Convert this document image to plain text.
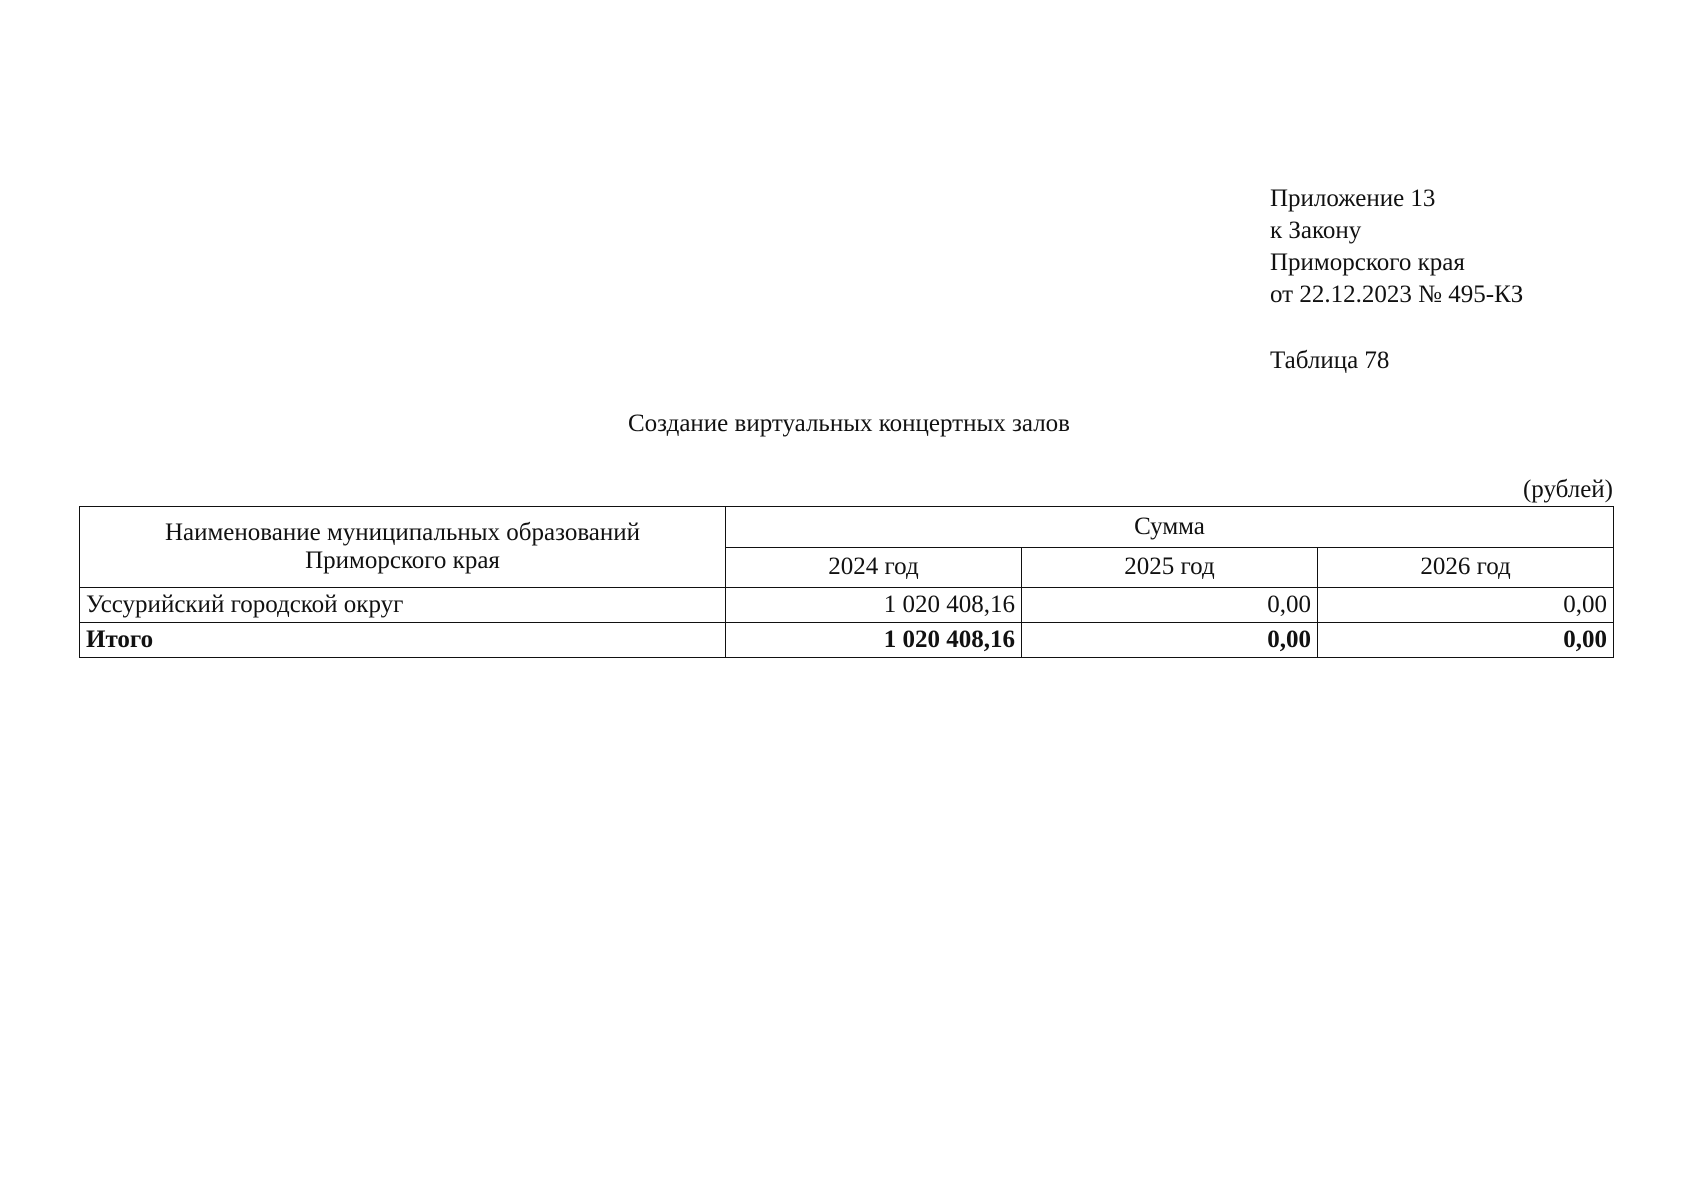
Приложение 13
к Закону
Приморского края
от 22.12.2023 № 495-КЗ
Таблица 78
Создание виртуальных концертных залов
(рублей)
Наименование муниципальных образований
Приморского края	Сумма		
	2024 год	2025 год	2026 год
Уссурийский городской округ	1 020 408,16	0,00	0,00
Итого	1 020 408,16	0,00	0,00
